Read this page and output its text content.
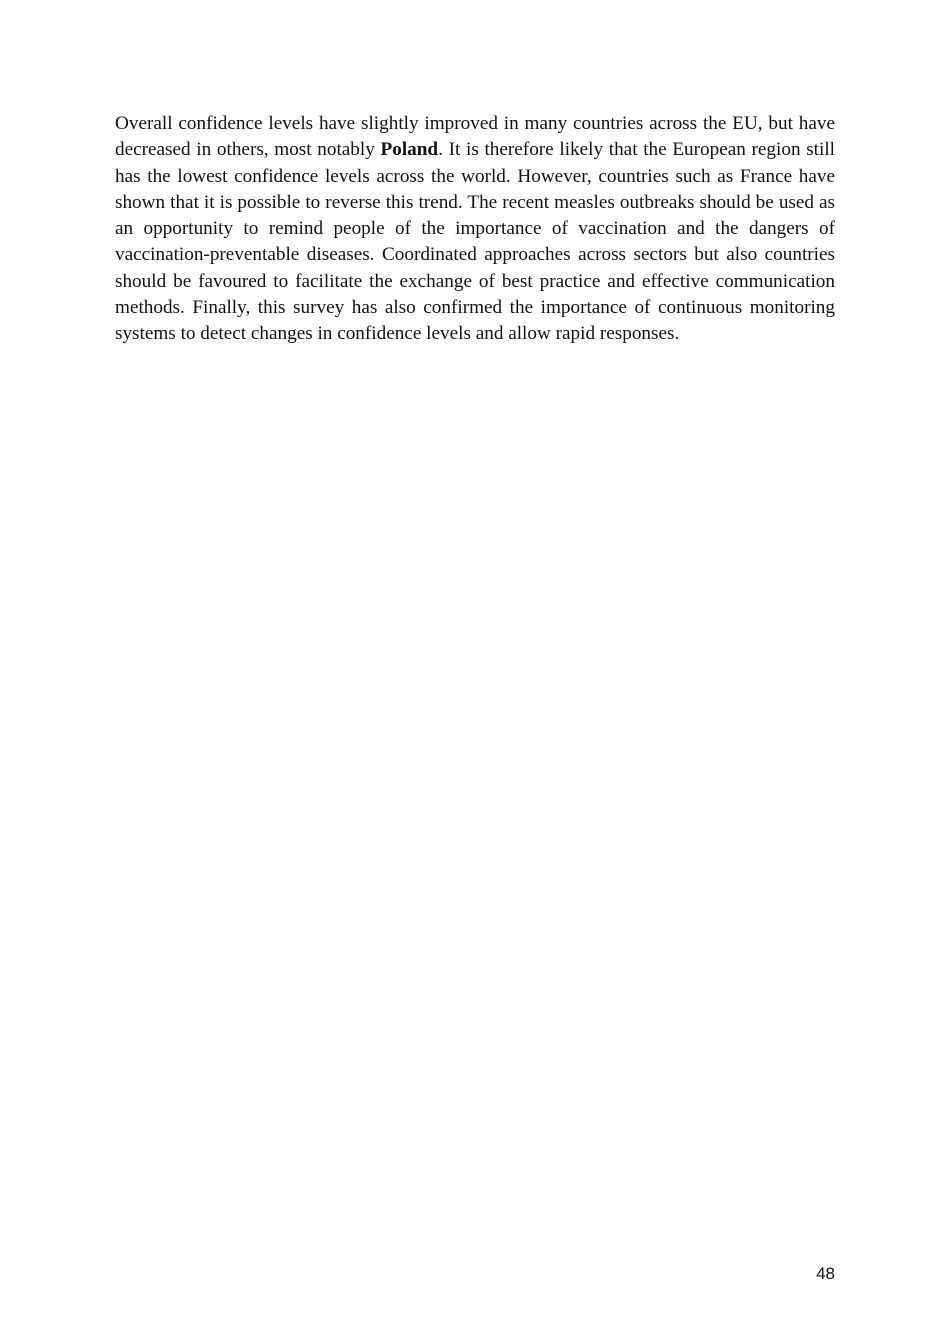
Overall confidence levels have slightly improved in many countries across the EU, but have decreased in others, most notably Poland. It is therefore likely that the European region still has the lowest confidence levels across the world. However, countries such as France have shown that it is possible to reverse this trend. The recent measles outbreaks should be used as an opportunity to remind people of the importance of vaccination and the dangers of vaccination-preventable diseases. Coordinated approaches across sectors but also countries should be favoured to facilitate the exchange of best practice and effective communication methods. Finally, this survey has also confirmed the importance of continuous monitoring systems to detect changes in confidence levels and allow rapid responses.

48
